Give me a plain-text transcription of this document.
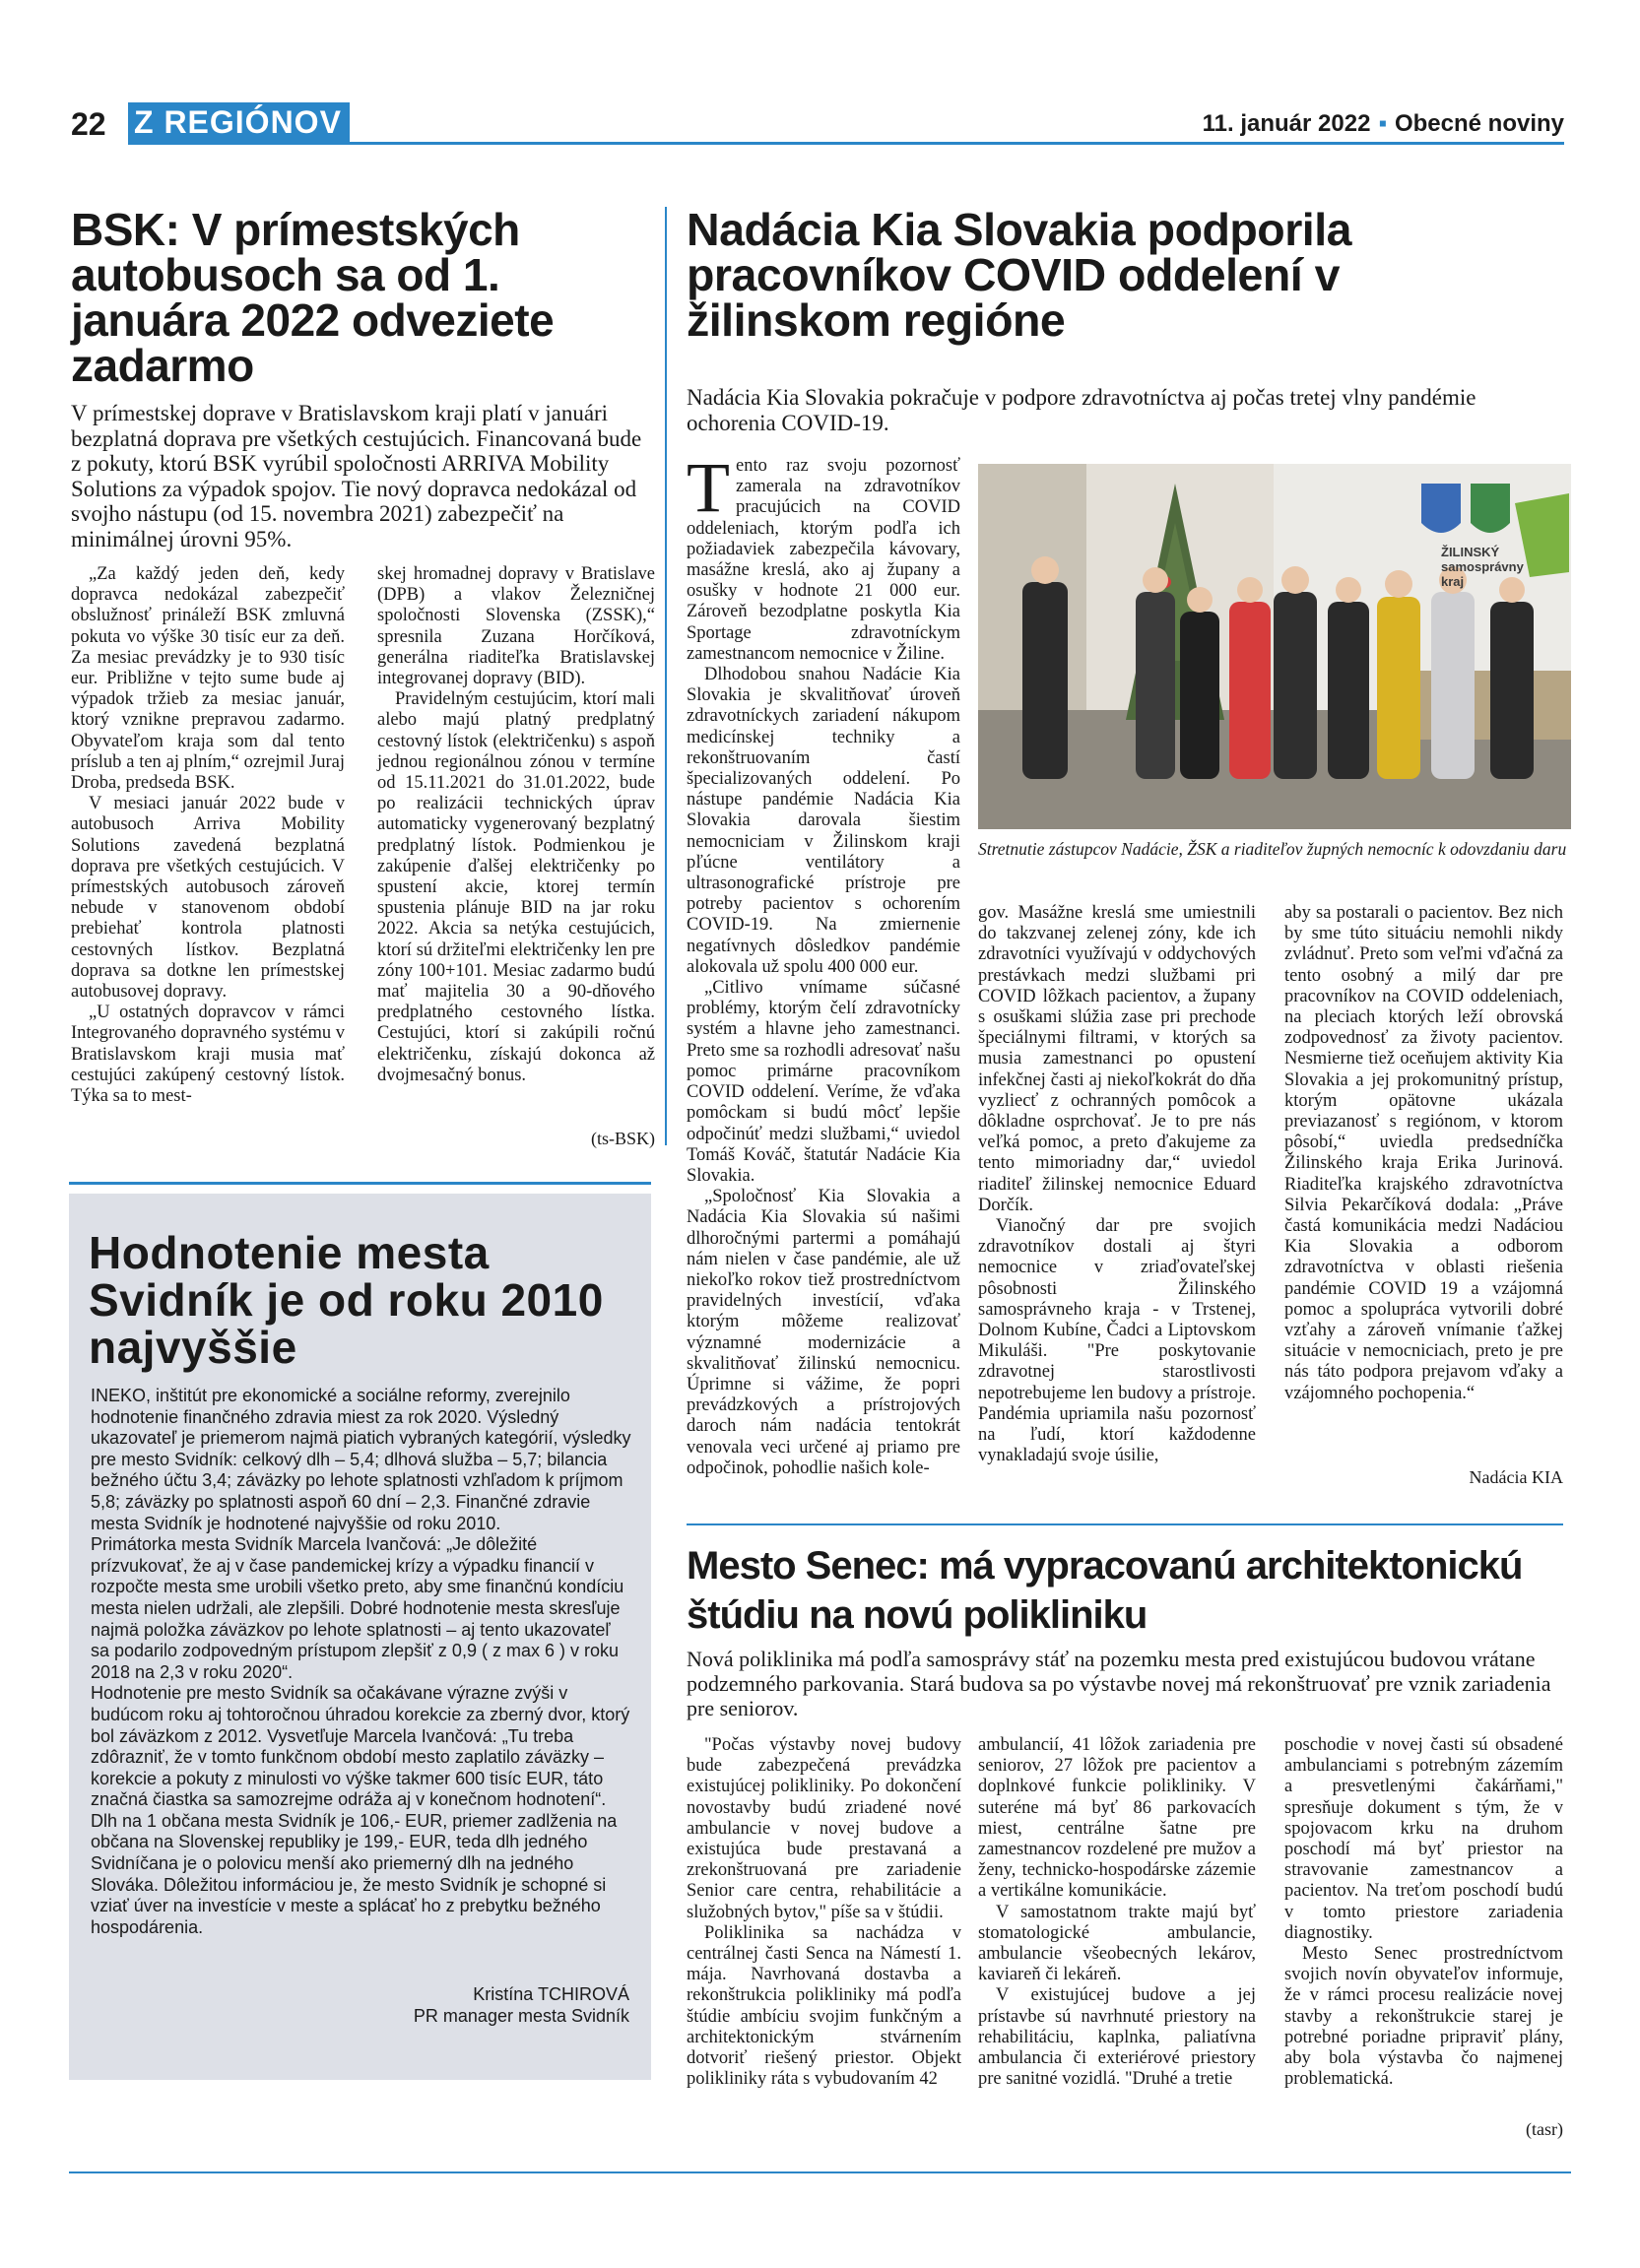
22 Z REGIÓNOV	11. január 2022 ▪ Obecné noviny
BSK: V prímestských autobusoch sa od 1. januára 2022 odveziete zadarmo
V prímestskej doprave v Bratislavskom kraji platí v januári bezplatná doprava pre všetkých cestujúcich. Financovaná bude z pokuty, ktorú BSK vyrúbil spoločnosti ARRIVA Mobility Solutions za výpadok spojov. Tie nový dopravca nedokázal od svojho nástupu (od 15. novembra 2021) zabezpečiť na minimálnej úrovni 95%.

„Za každý jeden deň, kedy dopravca nedokázal zabezpečiť obslužnosť prináleží BSK zmluvná pokuta vo výške 30 tisíc eur za deň. Za mesiac prevádzky je to 930 tisíc eur. Približne v tejto sume bude aj výpadok tržieb za mesiac január, ktorý vznikne prepravou zadarmo. Obyvateľom kraja som dal tento príslub a ten aj plním,“ ozrejmil Juraj Droba, predseda BSK.

V mesiaci január 2022 bude v autobusoch Arriva Mobility Solutions zavedená bezplatná doprava pre všetkých cestujúcich. V prímestských autobusoch zároveň nebude v stanovenom období prebiehať kontrola platnosti cestovných lístkov. Bezplatná doprava sa dotkne len prímestskej autobusovej dopravy.

„U ostatných dopravcov v rámci Integrovaného dopravného systému v Bratislavskom kraji musia mať cestujúci zakúpený cestovný lístok. Týka sa to mest-

skej hromadnej dopravy v Bratislave (DPB) a vlakov Železničnej spoločnosti Slovenska (ZSSK),“ spresnila Zuzana Horčíková, generálna riaditeľka Bratislavskej integrovanej dopravy (BID).

Pravidelným cestujúcim, ktorí mali alebo majú platný predplatný cestovný lístok (električenku) s aspoň jednou regionálnou zónou v termíne od 15.11.2021 do 31.01.2022, bude po realizácii technických úprav automaticky vygenerovaný bezplatný predplatný lístok. Podmienkou je zakúpenie ďalšej električenky po spustení akcie, ktorej termín spustenia plánuje BID na jar roku 2022. Akcia sa netýka cestujúcich, ktorí sú držiteľmi električenky len pre zóny 100+101. Mesiac zadarmo budú mať majitelia 30 a 90-dňového predplatného cestovného lístka. Cestujúci, ktorí si zakúpili ročnú električenku, získajú dokonca až dvojmesačný bonus.

(ts-BSK)
Hodnotenie mesta Svidník je od roku 2010 najvyššie

INEKO, inštitút pre ekonomické a sociálne reformy, zverejnilo hodnotenie finančného zdravia miest za rok 2020. Výsledný ukazovateľ je priemerom najmä piatich vybraných kategórií, výsledky pre mesto Svidník: celkový dlh – 5,4; dlhová služba – 5,7; bilancia bežného účtu 3,4; záväzky po lehote splatnosti vzhľadom k príjmom 5,8; záväzky po splatnosti aspoň 60 dní – 2,3. Finančné zdravie mesta Svidník je hodnotené najvyššie od roku 2010.

Primátorka mesta Svidník Marcela Ivančová: „Je dôležité prízvukovať, že aj v čase pandemickej krízy a výpadku financií v rozpočte mesta sme urobili všetko preto, aby sme finančnú kondíciu mesta nielen udržali, ale zlepšili. Dobré hodnotenie mesta skresľuje najmä položka záväzkov po lehote splatnosti – aj tento ukazovateľ sa podarilo zodpovedným prístupom zlepšiť z 0,9 ( z max 6 ) v roku 2018 na 2,3 v roku 2020“.

Hodnotenie pre mesto Svidník sa očakávane výrazne zvýši v budúcom roku aj tohtoročnou úhradou korekcie za zberný dvor, ktorý bol záväzkom z 2012. Vysvetľuje Marcela Ivančová: „Tu treba zdôrazniť, že v tomto funkčnom období mesto zaplatilo záväzky – korekcie a pokuty z minulosti vo výške takmer 600 tisíc EUR, táto značná čiastka sa samozrejme odráža aj v konečnom hodnotení“.

Dlh na 1 občana mesta Svidník je 106,- EUR, priemer zadlženia na občana na Slovenskej republiky je 199,- EUR, teda dlh jedného Svidníčana je o polovicu menší ako priemerný dlh na jedného Slováka. Dôležitou informáciou je, že mesto Svidník je schopné si vziať úver na investície v meste a splácať ho z prebytku bežného hospodárenia.

Kristína TCHIROVÁ
PR manager mesta Svidník
Nadácia Kia Slovakia podporila pracovníkov COVID oddelení v žilinskom regióne
Nadácia Kia Slovakia pokračuje v podpore zdravotníctva aj počas tretej vlny pandémie ochorenia COVID-19.

Tento raz svoju pozornosť zamerala na zdravotníkov pracujúcich na COVID oddeleniach, ktorým podľa ich požiadaviek zabezpečila kávovary, masážne kreslá, ako aj župany a osušky v hodnote 21 000 eur. Zároveň bezodplatne poskytla Kia Sportage zdravotníckym zamestnancom nemocnice v Žiline.

Dlhodobou snahou Nadácie Kia Slovakia je skvalitňovať úroveň zdravotníckych zariadení nákupom medicínskej techniky a rekonštruovaním častí špecializovaných oddelení. Po nástupe pandémie Nadácia Kia Slovakia darovala šiestim nemocniciam v Žilinskom kraji pľúcne ventilátory a ultrasonografické prístroje pre potreby pacientov s ochorením COVID-19. Na zmiernenie negatívnych dôsledkov pandémie alokovala už spolu 400 000 eur.

„Citlivo vnímame súčasné problémy, ktorým čelí zdravotnícky systém a hlavne jeho zamestnanci. Preto sme sa rozhodli adresovať našu pomoc primárne pracovníkom COVID oddelení. Veríme, že vďaka pomôckam si budú môcť lepšie odpočinúť medzi službami,“ uviedol Tomáš Kováč, štatutár Nadácie Kia Slovakia.

„Spoločnosť Kia Slovakia a Nadácia Kia Slovakia sú našimi dlhoročnými partermi a pomáhajú nám nielen v čase pandémie, ale už niekoľko rokov tiež prostredníctvom pravidelných investícií, vďaka ktorým môžeme realizovať významné modernizácie a skvalitňovať žilinskú nemocnicu. Úprimne si vážime, že popri prevádzkových a prístrojových daroch nám nadácia tentokrát venovala veci určené aj priamo pre odpočinok, pohodlie našich kole-

ŽILINSKÝ samosprávny kraj
Stretnutie zástupcov Nadácie, ŽSK a riaditeľov župných nemocníc k odovzdaniu daru

gov. Masážne kreslá sme umiestnili do takzvanej zelenej zóny, kde ich zdravotníci využívajú v oddychových prestávkach medzi službami pri COVID lôžkach pacientov, a župany s osuškami slúžia zase pri prechode špeciálnymi filtrami, v ktorých sa musia zamestnanci po opustení infekčnej časti aj niekoľkokrát do dňa vyzliecť z ochranných pomôcok a dôkladne osprchovať. Je to pre nás veľká pomoc, a preto ďakujeme za tento mimoriadny dar,“ uviedol riaditeľ žilinskej nemocnice Eduard Dorčík.

Vianočný dar pre svojich zdravotníkov dostali aj štyri nemocnice v zriaďovateľskej pôsobnosti Žilinského samosprávneho kraja - v Trstenej, Dolnom Kubíne, Čadci a Liptovskom Mikuláši. "Pre poskytovanie zdravotnej starostlivosti nepotrebujeme len budovy a prístroje. Pandémia upriamila našu pozornosť na ľudí, ktorí každodenne vynakladajú svoje úsilie,

aby sa postarali o pacientov. Bez nich by sme túto situáciu nemohli nikdy zvládnuť. Preto som veľmi vďačná za tento osobný a milý dar pre pracovníkov na COVID oddeleniach, na pleciach ktorých leží obrovská zodpovednosť za životy pacientov. Nesmierne tiež oceňujem aktivity Kia Slovakia a jej prokomunitný prístup, ktorým opätovne ukázala previazanosť s regiónom, v ktorom pôsobí,“ uviedla predsedníčka Žilinského kraja Erika Jurinová. Riaditeľka krajského zdravotníctva Silvia Pekarčíková dodala: „Práve častá komunikácia medzi Nadáciou Kia Slovakia a odborom zdravotníctva v oblasti riešenia pandémie COVID 19 a vzájomná pomoc a spolupráca vytvorili dobré vzťahy a zároveň vnímanie ťažkej situácie v nemocniciach, preto je pre nás táto podpora prejavom vďaky a vzájomného pochopenia.“

Nadácia KIA
Mesto Senec: má vypracovanú architektonickú štúdiu na novú polikliniku
Nová poliklinika má podľa samosprávy stáť na pozemku mesta pred existujúcou budovou vrátane podzemného parkovania. Stará budova sa po výstavbe novej má rekonštruovať pre vznik zariadenia pre seniorov.

"Počas výstavby novej budovy bude zabezpečená prevádzka existujúcej polikliniky. Po dokončení novostavby budú zriadené nové ambulancie v novej budove a existujúca bude prestavaná a zrekonštruovaná pre zariadenie Senior care centra, rehabilitácie a služobných bytov," píše sa v štúdii.

Poliklinika sa nachádza v centrálnej časti Senca na Námestí 1. mája. Navrhovaná dostavba a rekonštrukcia polikliniky má podľa štúdie ambíciu svojim funkčným a architektonickým stvárnením dotvoriť riešený priestor. Objekt polikliniky ráta s vybudovaním 42

ambulancií, 41 lôžok zariadenia pre seniorov, 27 lôžok pre pacientov a doplnkové funkcie polikliniky. V suteréne má byť 86 parkovacích miest, centrálne šatne pre zamestnancov rozdelené pre mužov a ženy, technicko-hospodárske zázemie a vertikálne komunikácie.

V samostatnom trakte majú byť stomatologické ambulancie, ambulancie všeobecných lekárov, kaviareň či lekáreň.

V existujúcej budove a jej prístavbe sú navrhnuté priestory na rehabilitáciu, kaplnka, paliatívna ambulancia či exteriérové priestory pre sanitné vozidlá. "Druhé a tretie

poschodie v novej časti sú obsadené ambulanciami s potrebným zázemím a presvetlenými čakárňami," spresňuje dokument s tým, že v spojovacom krku na druhom poschodí má byť priestor na stravovanie zamestnancov a pacientov. Na treťom poschodí budú v tomto priestore zariadenia diagnostiky.

Mesto Senec prostredníctvom svojich novín obyvateľov informuje, že v rámci procesu realizácie novej stavby a rekonštrukcie starej je potrebné poriadne pripraviť plány, aby bola výstavba čo najmenej problematická.

(tasr)
